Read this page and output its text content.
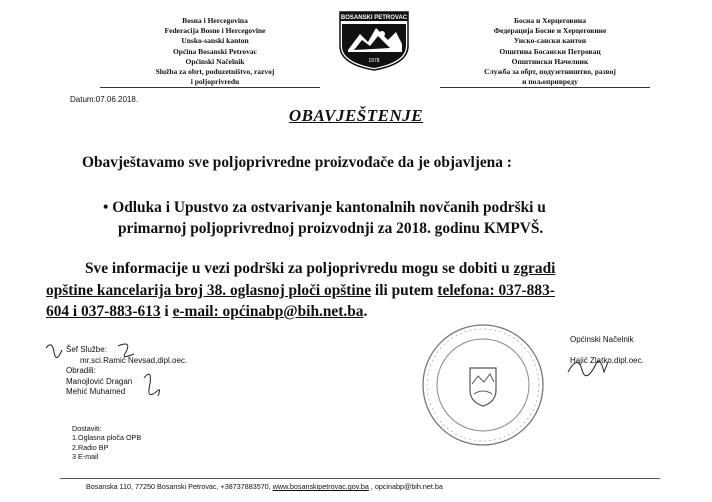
Bosna i Hercegovina
Federacija Bosne i Hercegovine
Unsko-sanski kanton
Općina Bosanski Petrovac
Općinski Načelnik
Služba za obrt, poduzetništvo, razvoj
i poljoprivredu
BOSANSKI PETROVAC
1978
Босна и Херцеговина
Федерација Босне и Херцеговине
Унско-сански кантон
Општина Босански Петровац
Општински Начелник
Служба за обрт, подузетништво, развој
и пољопривреду
Datum:07.06.2018.
OBAVJEŠTENJE
Obavještavamo sve poljoprivredne proizvođače da je objavljena :
• Odluka i Upustvo za ostvarivanje kantonalnih novčanih podrški u
primarnoj poljoprivrednoj proizvodnji za 2018. godinu KMPVŠ.
Sve informacije u vezi podrški za poljoprivredu mogu se dobiti u zgradi
opštine kancelarija broj 38. oglasnoj ploči opštine ili putem telefona: 037-883-
604 i 037-883-613 i e-mail: općinabp@bih.net.ba.
Šef Službe:
mr.sci.Ramić Nevsad,dipl.oec.
Obradili:
Manojlović Dragan
Mehić Muhamed
Općinski Načelnik
Hajić Zlatko,dipl.oec.
Dostaviti:
1.Oglasna ploča OPB
2.Radio BP
3 E-mail
Bosanska 110, 77250 Bosanski Petrovac, +38737883570, www.bosanskipetrovac.gov.ba , opcinabp@bih.net.ba
